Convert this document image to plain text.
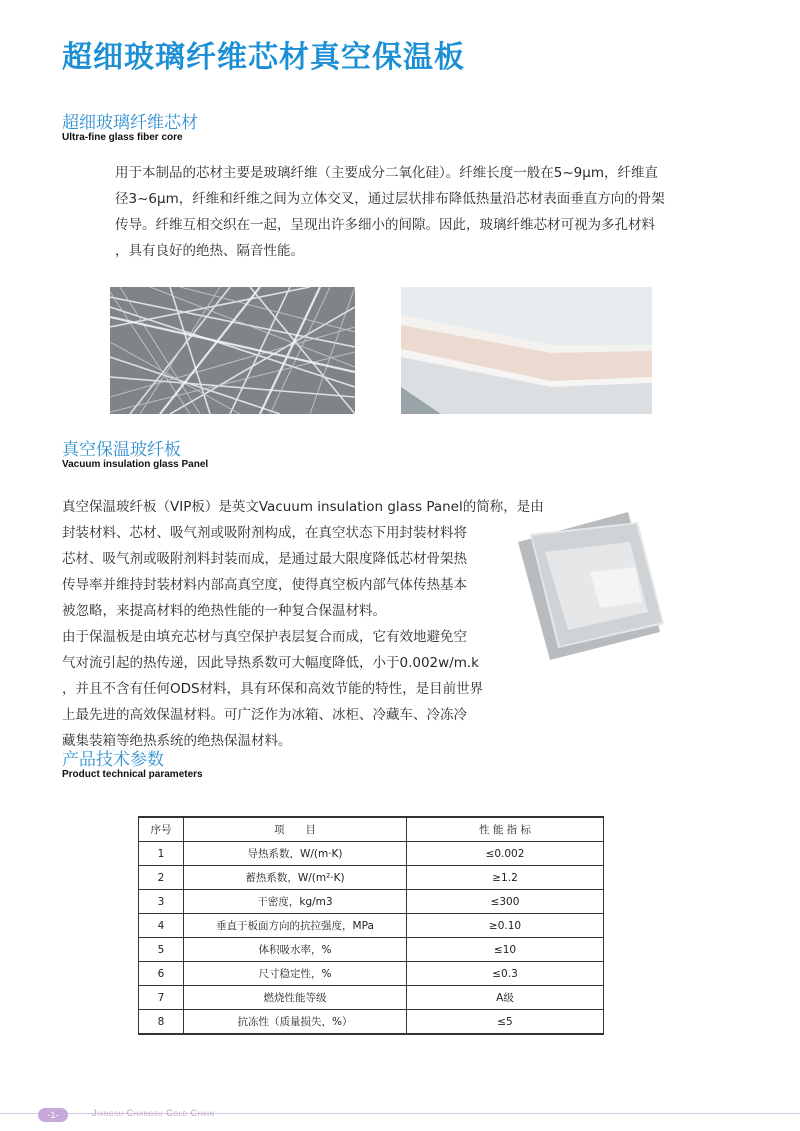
超细玻璃纤维芯材真空保温板
超细玻璃纤维芯材
Ultra-fine glass fiber core
用于本制品的芯材主要是玻璃纤维（主要成分二氧化硅）。纤维长度一般在5~9μm，纤维直
径3~6μm，纤维和纤维之间为立体交叉，通过层状排布降低热量沿芯材表面垂直方向的骨架
传导。纤维互相交织在一起，呈现出许多细小的间隙。因此，玻璃纤维芯材可视为多孔材料
，具有良好的绝热、隔音性能。
真空保温玻纤板
Vacuum insulation glass Panel
真空保温玻纤板（VIP板）是英文Vacuum insulation glass Panel的简称，是由
封装材料、芯材、吸气剂或吸附剂构成，在真空状态下用封装材料将
芯材、吸气剂或吸附剂料封装而成，是通过最大限度降低芯材骨架热
传导率并维持封装材料内部高真空度，使得真空板内部气体传热基本
被忽略，来提高材料的绝热性能的一种复合保温材料。
由于保温板是由填充芯材与真空保护表层复合而成，它有效地避免空
气对流引起的热传递，因此导热系数可大幅度降低，小于0.002w/m.k
，并且不含有任何ODS材料，具有环保和高效节能的特性，是目前世界
上最先进的高效保温材料。可广泛作为冰箱、冰柜、冷藏车、冷冻冷
藏集装箱等绝热系统的绝热保温材料。
产品技术参数
Product technical parameters
序号	项　　目	性 能 指 标
1	导热系数，W/(m·K)	≤0.002
2	蓄热系数，W/(m²·K)	≥1.2
3	干密度，kg/m3	≤300
4	垂直于板面方向的抗拉强度，MPa	≥0.10
5	体积吸水率，%	≤10
6	尺寸稳定性，%	≤0.3
7	燃烧性能等级	A级
8	抗冻性（质量损失，%）	≤5
-1-	Jiangsu Changsu Cold Chain
